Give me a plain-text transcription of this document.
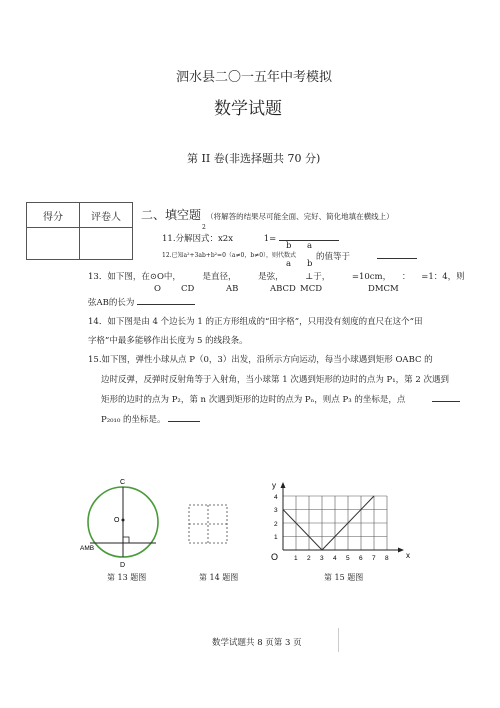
泗水县二〇一五年中考模拟
数学试题
第 II 卷(非选择题共 70 分)
得分	评卷人
	二、填空题 （将解答的结果尽可能全面、完好、简化地填在横线上）
11.分解因式：x2x	1=
2
12.已知a²+3ab+b²=0（a≠0，b≠0），则代数式
b
a
a
b
的值等于
13．如下图，在⊙O中，        是直径，        是弦，        ⊥于，        =10cm，    ：    =1：4，则
O CD	AB	ABCD MCD	DMCM
弦AB的长为
14．如下图是由 4 个边长为 1 的正方形组成的“田字格”，只用没有刻度的直尺在这个“田
字格”中最多能够作出长度为 5 的线段条。
15.如下图，弹性小球从点 P（0，3）出发，沿所示方向运动，每当小球遇到矩形 OABC 的
边时反弹，反弹时反射角等于入射角，当小球第 1 次遇到矩形的边时的点为 P₁，第 2 次遇到
矩形的边时的点为 P₂，第 n 次遇到矩形的边时的点为 Pₙ，则点 P₃ 的坐标是，点
P₂₀₁₀ 的坐标是。
C
O
AMB
D
第 13 题图	第 14 题图
y
x
O
1
2
3
4
1 2 3 4 5 6 7 8
第 15 题图
数学试题共 8 页第 3 页
